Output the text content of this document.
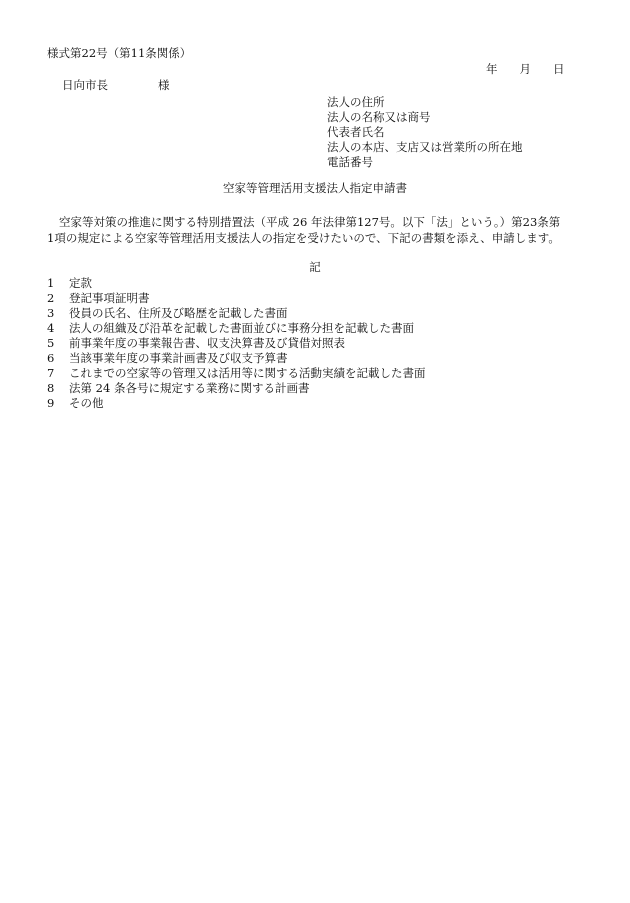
様式第22号（第11条関係）
年 月 日
日向市長	様
法人の住所
法人の名称又は商号
代表者氏名
法人の本店、支店又は営業所の所在地
電話番号
空家等管理活用支援法人指定申請書

空家等対策の推進に関する特別措置法（平成 26 年法律第127号。以下「法」という。）第23条第

1項の規定による空家等管理活用支援法人の指定を受けたいので、下記の書類を添え、申請します。

記
1 定款
2 登記事項証明書
3 役員の氏名、住所及び略歴を記載した書面
4 法人の組織及び沿革を記載した書面並びに事務分担を記載した書面
5 前事業年度の事業報告書、収支決算書及び貸借対照表
6 当該事業年度の事業計画書及び収支予算書
7 これまでの空家等の管理又は活用等に関する活動実績を記載した書面
8 法第 24 条各号に規定する業務に関する計画書
9 その他
